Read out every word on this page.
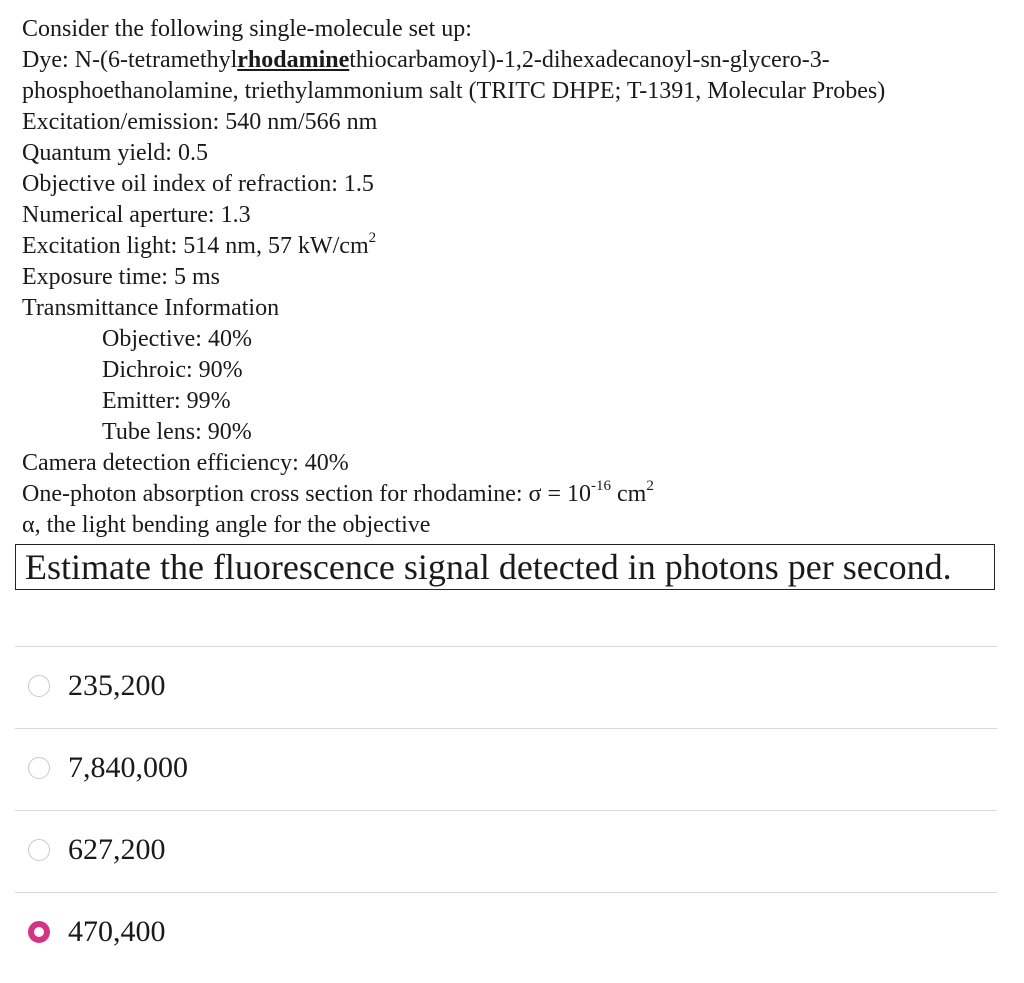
Consider the following single-molecule set up:
Dye: N-(6-tetramethylrhodaminethiocarbamoyl)-1,2-dihexadecanoyl-sn-glycero-3-
phosphoethanolamine, triethylammonium salt (TRITC DHPE; T-1391, Molecular Probes)
Excitation/emission: 540 nm/566 nm
Quantum yield: 0.5
Objective oil index of refraction: 1.5
Numerical aperture: 1.3
Excitation light: 514 nm, 57 $kW/cm^2$
Exposure time: 5 ms
Transmittance Information
Objective: 40%
Dichroic: 90%
Emitter: 99%
Tube lens: 90%
Camera detection efficiency: 40%
One-photon absorption cross section for rhodamine: $\sigma = 10^{-16}$ $cm^2$
α, the light bending angle for the objective
Estimate the fluorescence signal detected in photons per second.
235,200
7,840,000
627,200
470,400
